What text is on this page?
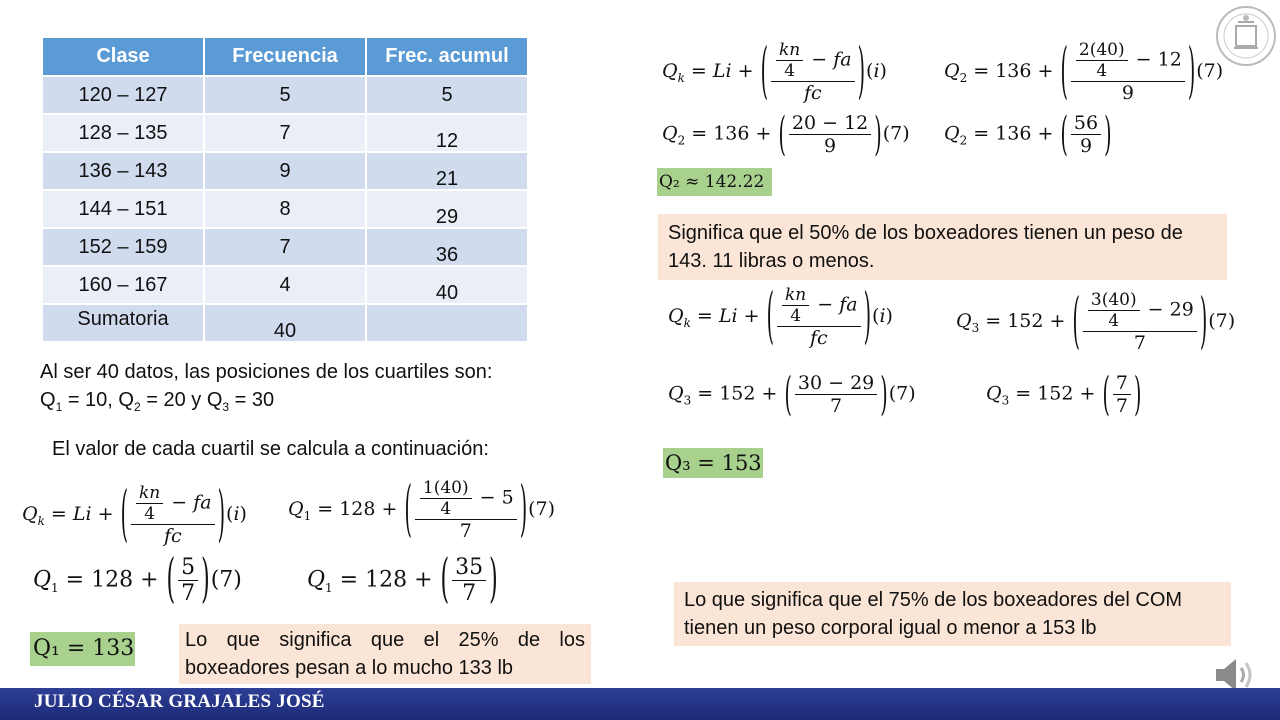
Clase	Frecuencia	Frec. acumul
120 – 127	5	5
128 – 135	7	12
136 – 143	9	21
144 – 151	8	29
152 – 159	7	36
160 – 167	4	40
Sumatoria	40	
Al ser 40 datos, las posiciones de los cuartiles son:
$Q_1 = 10$, $Q_2 = 20$ y $Q_3 = 30$
El valor de cada cuartil se calcula a continuación:
$Q_k = Li$ + ( $\frac{\frac{kn}{4} - fa}{fc} )(i)$ $Q_1 = 128$ + ( $\frac{\frac{1(40)}{4} - 5}{7} )(7)$
$Q_1 = 128$ + ( $\frac{5}{7} )(7)$	$Q_1 = 128$ + ( $\frac{35}{7}$ )
Q₁ = 133	Lo que significa que el 25% de los boxeadores pesan a lo mucho 133 lb
$Q_k = Li$ + ( $\frac{\frac{kn}{4} - fa}{fc} )(i)$	$Q_2 = 136$ + ( $\frac{\frac{2(40)}{4} - 12}{9} )(7)$
$Q_2 = 136$ + ( $\frac{20 - 12}{9} )(7)$ $Q_2 = 136$ + ( $\frac{56}{9}$ )
Q₂ ≈ 142.22
Significa que el 50% de los boxeadores tienen un peso de 143. 11 libras o menos.
$Q_k = Li$ + ( $\frac{\frac{kn}{4} - fa}{fc} )(i)$	$Q_3 = 152$ + ( $\frac{\frac{3(40)}{4} - 29}{7} )(7)$
$Q_3 = 152$ + ( $\frac{30 - 29}{7} )(7)$	$Q_3 = 152$ + ( $\frac{7}{7}$ )
Q₃ = 153
Lo que significa que el 75% de los boxeadores del COM tienen un peso corporal igual o menor a 153 lb
JULIO CÉSAR GRAJALES JOSÉ
